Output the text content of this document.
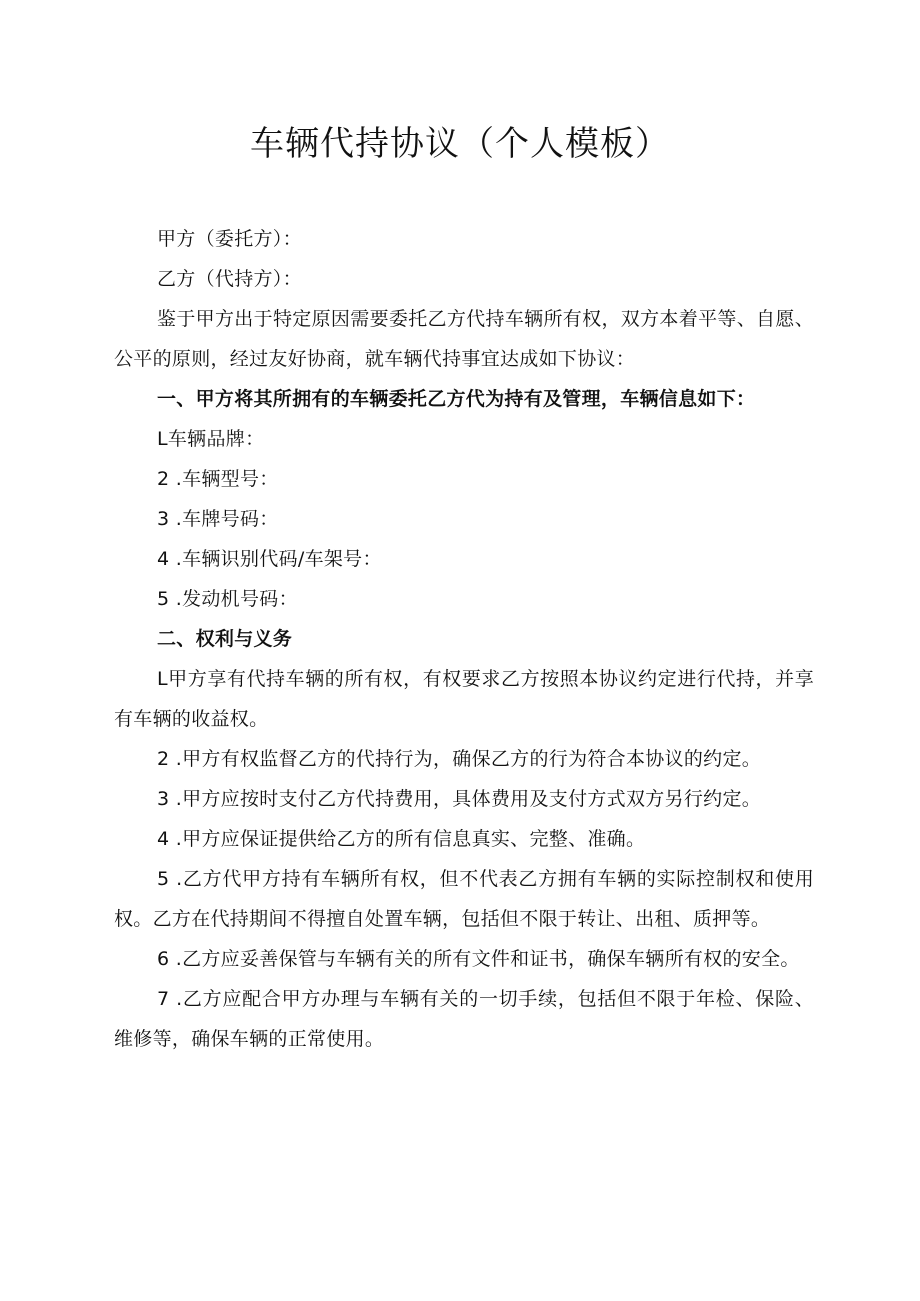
车辆代持协议（个人模板）

甲方（委托方）：

乙方（代持方）：

鉴于甲方出于特定原因需要委托乙方代持车辆所有权，双方本着平等、自愿、公平的原则，经过友好协商，就车辆代持事宜达成如下协议：

一、甲方将其所拥有的车辆委托乙方代为持有及管理，车辆信息如下：

L车辆品牌：

2 .车辆型号：

3 .车牌号码：

4 .车辆识别代码/车架号：

5 .发动机号码：

二、权利与义务

L甲方享有代持车辆的所有权，有权要求乙方按照本协议约定进行代持，并享有车辆的收益权。

2 .甲方有权监督乙方的代持行为，确保乙方的行为符合本协议的约定。

3 .甲方应按时支付乙方代持费用，具体费用及支付方式双方另行约定。

4 .甲方应保证提供给乙方的所有信息真实、完整、准确。

5 .乙方代甲方持有车辆所有权，但不代表乙方拥有车辆的实际控制权和使用权。乙方在代持期间不得擅自处置车辆，包括但不限于转让、出租、质押等。

6 .乙方应妥善保管与车辆有关的所有文件和证书，确保车辆所有权的安全。

7 .乙方应配合甲方办理与车辆有关的一切手续，包括但不限于年检、保险、维修等，确保车辆的正常使用。
